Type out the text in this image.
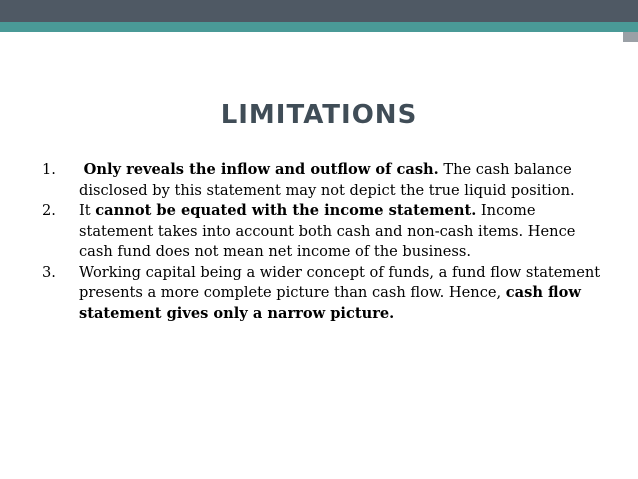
LIMITATIONS
1.	Only reveals the inflow and outflow of cash. The cash balance disclosed by this statement may not depict the true liquid position.
2.	It cannot be equated with the income statement. Income statement takes into account both cash and non-cash items. Hence cash fund does not mean net income of the business.
3.	Working capital being a wider concept of funds, a fund flow statement presents a more complete picture than cash flow. Hence, cash flow statement gives only a narrow picture.
